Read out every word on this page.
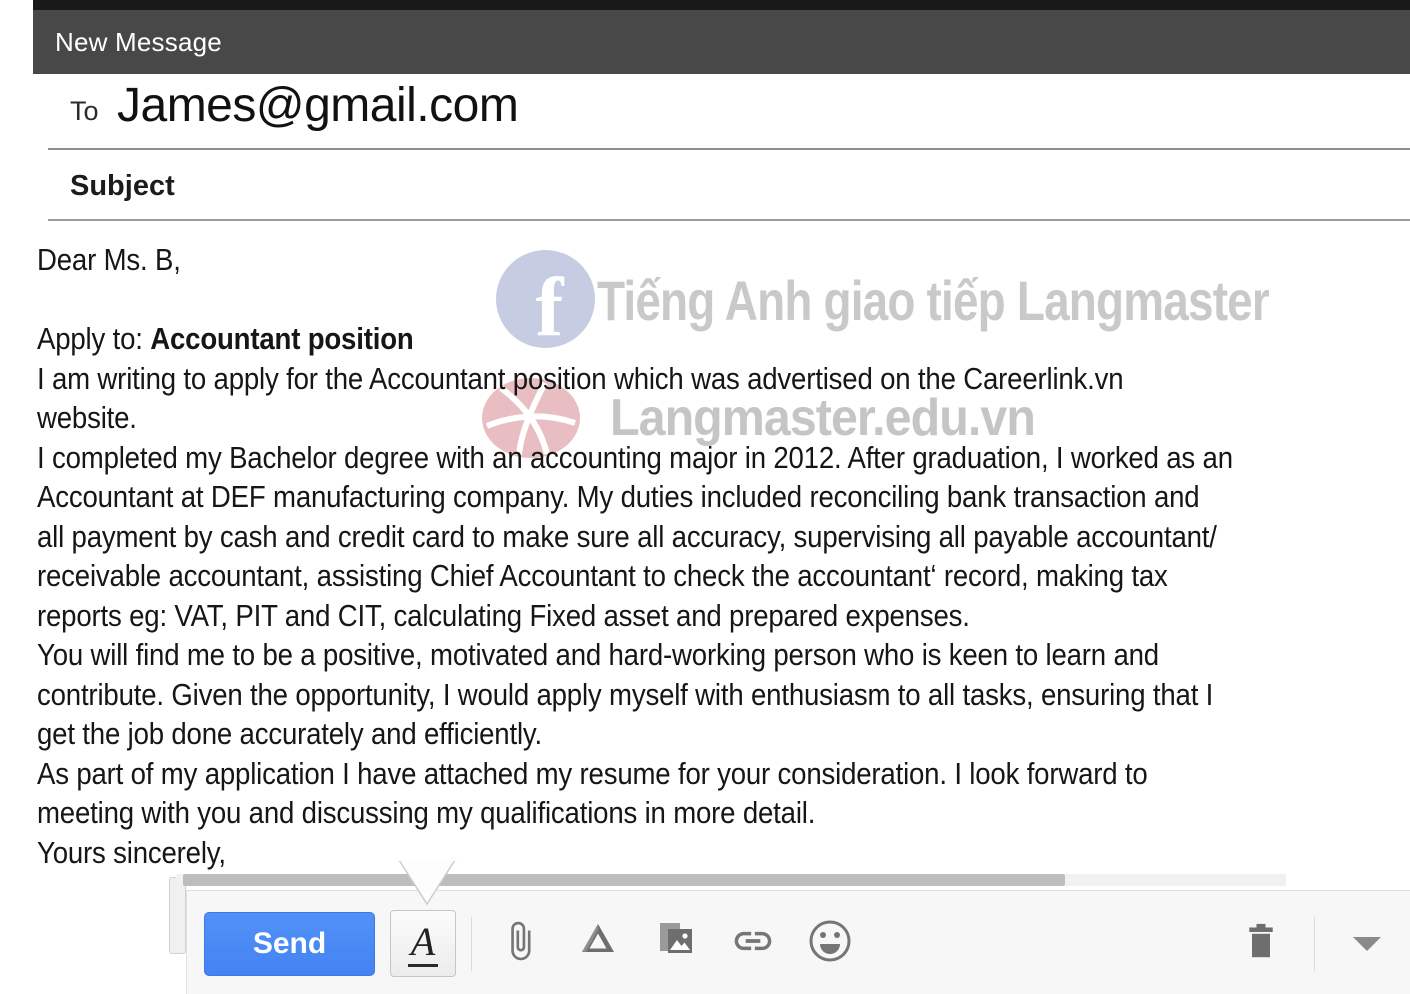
New Message
To James@gmail.com
Subject
f Tiếng Anh giao tiếp Langmaster
Langmaster.edu.vn
Dear Ms. B,
Apply to: Accountant position
I am writing to apply for the Accountant position which was advertised on the Careerlink.vn
website.
I completed my Bachelor degree with an accounting major in 2012. After graduation, I worked as an
Accountant at DEF manufacturing company. My duties included reconciling bank transaction and
all payment by cash and credit card to make sure all accuracy, supervising all payable accountant/
receivable accountant, assisting Chief Accountant to check the accountant‘ record, making tax
reports eg: VAT, PIT and CIT, calculating Fixed asset and prepared expenses.
You will find me to be a positive, motivated and hard-working person who is keen to learn and
contribute. Given the opportunity, I would apply myself with enthusiasm to all tasks, ensuring that I
get the job done accurately and efficiently.
As part of my application I have attached my resume for your consideration. I look forward to
meeting with you and discussing my qualifications in more detail.
Yours sincerely,
Send A
